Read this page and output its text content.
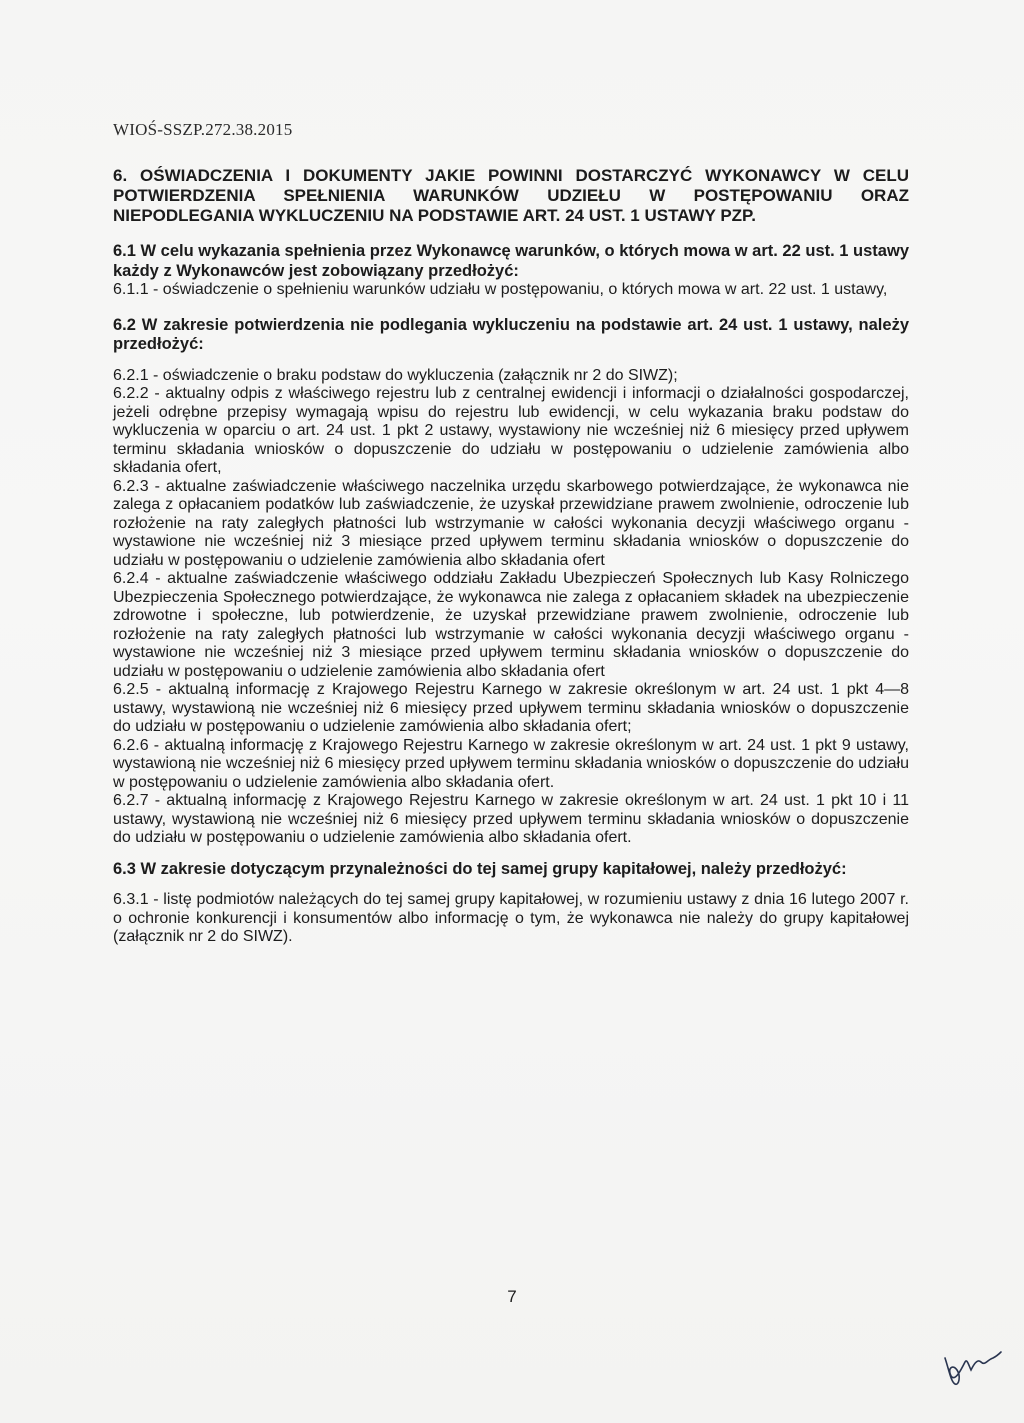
WIOŚ-SSZP.272.38.2015

6. OŚWIADCZENIA I DOKUMENTY JAKIE POWINNI DOSTARCZYĆ WYKONAWCY W CELU POTWIERDZENIA SPEŁNIENIA WARUNKÓW UDZIEŁU W POSTĘPOWANIU ORAZ NIEPODLEGANIA WYKLUCZENIU NA PODSTAWIE ART. 24 UST. 1 USTAWY PZP.

6.1 W celu wykazania spełnienia przez Wykonawcę warunków, o których mowa w art. 22 ust. 1 ustawy każdy z Wykonawców jest zobowiązany przedłożyć:

6.1.1 - oświadczenie o spełnieniu warunków udziału w postępowaniu, o których mowa w art. 22 ust. 1 ustawy,

6.2 W zakresie potwierdzenia nie podlegania wykluczeniu na podstawie art. 24 ust. 1 ustawy, należy przedłożyć:

6.2.1 - oświadczenie o braku podstaw do wykluczenia (załącznik nr 2 do SIWZ);

6.2.2 - aktualny odpis z właściwego rejestru lub z centralnej ewidencji i informacji o działalności gospodarczej, jeżeli odrębne przepisy wymagają wpisu do rejestru lub ewidencji, w celu wykazania braku podstaw do wykluczenia w oparciu o art. 24 ust. 1 pkt 2 ustawy, wystawiony nie wcześniej niż 6 miesięcy przed upływem terminu składania wniosków o dopuszczenie do udziału w postępowaniu o udzielenie zamówienia albo składania ofert,

6.2.3 - aktualne zaświadczenie właściwego naczelnika urzędu skarbowego potwierdzające, że wykonawca nie zalega z opłacaniem podatków lub zaświadczenie, że uzyskał przewidziane prawem zwolnienie, odroczenie lub rozłożenie na raty zaległych płatności lub wstrzymanie w całości wykonania decyzji właściwego organu - wystawione nie wcześniej niż 3 miesiące przed upływem terminu składania wniosków o dopuszczenie do udziału w postępowaniu o udzielenie zamówienia albo składania ofert

6.2.4 - aktualne zaświadczenie właściwego oddziału Zakładu Ubezpieczeń Społecznych lub Kasy Rolniczego Ubezpieczenia Społecznego potwierdzające, że wykonawca nie zalega z opłacaniem składek na ubezpieczenie zdrowotne i społeczne, lub potwierdzenie, że uzyskał przewidziane prawem zwolnienie, odroczenie lub rozłożenie na raty zaległych płatności lub wstrzymanie w całości wykonania decyzji właściwego organu - wystawione nie wcześniej niż 3 miesiące przed upływem terminu składania wniosków o dopuszczenie do udziału w postępowaniu o udzielenie zamówienia albo składania ofert

6.2.5 - aktualną informację z Krajowego Rejestru Karnego w zakresie określonym w art. 24 ust. 1 pkt 4—8 ustawy, wystawioną nie wcześniej niż 6 miesięcy przed upływem terminu składania wniosków o dopuszczenie do udziału w postępowaniu o udzielenie zamówienia albo składania ofert;

6.2.6 - aktualną informację z Krajowego Rejestru Karnego w zakresie określonym w art. 24 ust. 1 pkt 9 ustawy, wystawioną nie wcześniej niż 6 miesięcy przed upływem terminu składania wniosków o dopuszczenie do udziału w postępowaniu o udzielenie zamówienia albo składania ofert.

6.2.7 - aktualną informację z Krajowego Rejestru Karnego w zakresie określonym w art. 24 ust. 1 pkt 10 i 11 ustawy, wystawioną nie wcześniej niż 6 miesięcy przed upływem terminu składania wniosków o dopuszczenie do udziału w postępowaniu o udzielenie zamówienia albo składania ofert.

6.3 W zakresie dotyczącym przynależności do tej samej grupy kapitałowej, należy przedłożyć:

6.3.1 - listę podmiotów należących do tej samej grupy kapitałowej, w rozumieniu ustawy z dnia 16 lutego 2007 r. o ochronie konkurencji i konsumentów albo informację o tym, że wykonawca nie należy do grupy kapitałowej (załącznik nr 2 do SIWZ).

7
